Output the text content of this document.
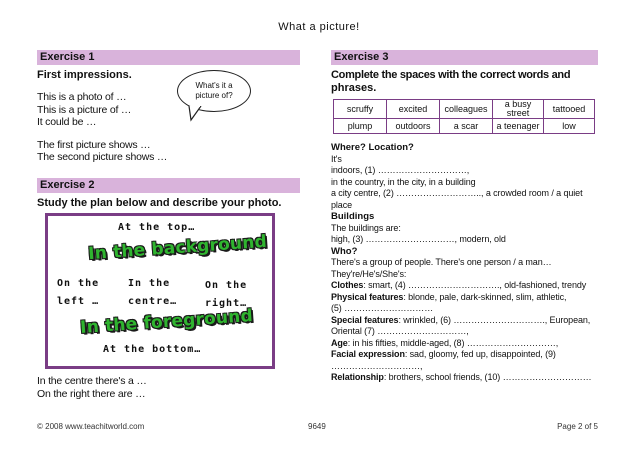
What a picture!
Exercise 1
First impressions.
This is a photo of …
This is a picture of …
It could be …
The first picture shows …
The second picture shows …
What's it a
picture of?
Exercise 2
Study the plan below and describe your photo.
At the top…
In the background
On the
left …
In the
centre…
On the
right…
In the foreground
At the bottom…
In the centre there's a …
On the right there are …
Exercise 3
Complete the spaces with the correct words and
phrases.
scruffy	excited	colleagues	a busy street	tattooed
plump	outdoors	a scar	a teenager	low
Where? Location?
It's
indoors, (1) …………………………,
in the country, in the city, in a building
a city centre, (2) ……………………….., a crowded room / a quiet
place
Buildings
The buildings are:
high, (3) …………………………, modern, old
Who?
There's a group of people. There's one person / a man…
They're/He's/She's:
Clothes: smart, (4) …………………………., old-fashioned, trendy
Physical features: blonde, pale, dark-skinned, slim, athletic,
(5) …………………………
Special features: wrinkled, (6) …………………………., European,
Oriental (7) …………………………,
Age: in his fifties, middle-aged, (8) …………………………,
Facial expression: sad, gloomy, fed up, disappointed, (9)
…………………………,
Relationship: brothers, school friends, (10) …………………………
© 2008 www.teachitworld.com	9649	Page 2 of 5
